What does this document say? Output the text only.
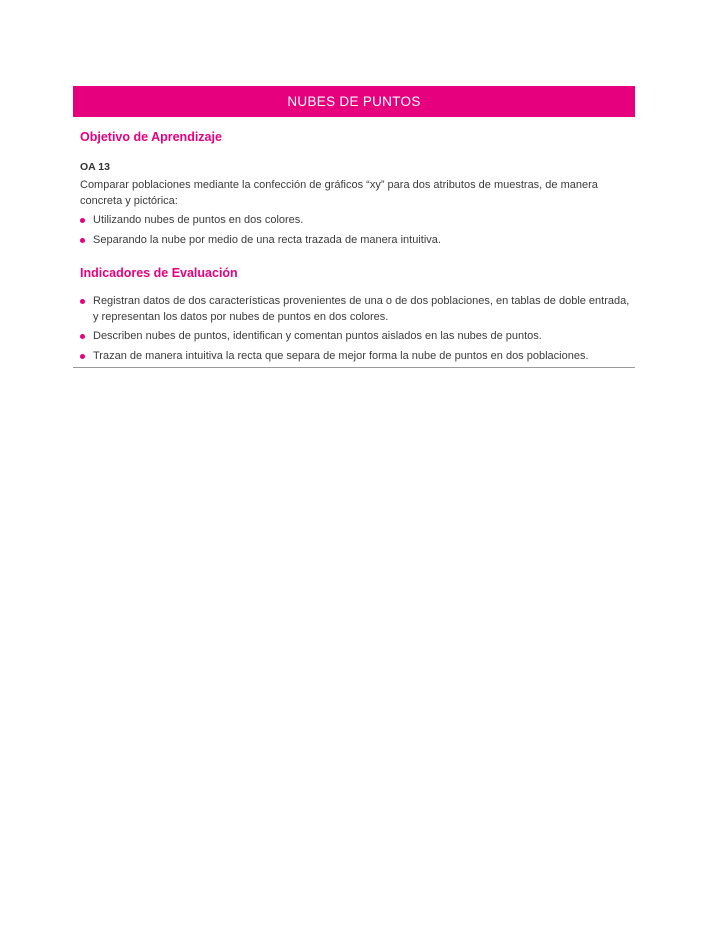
NUBES DE PUNTOS
Objetivo de Aprendizaje
OA 13

Comparar poblaciones mediante la confección de gráficos “xy” para dos atributos de muestras, de manera concreta y pictórica:

Utilizando nubes de puntos en dos colores.
Separando la nube por medio de una recta trazada de manera intuitiva.
Indicadores de Evaluación
Registran datos de dos características provenientes de una o de dos poblaciones, en tablas de doble entrada, y representan los datos por nubes de puntos en dos colores.
Describen nubes de puntos, identifican y comentan puntos aislados en las nubes de puntos.
Trazan de manera intuitiva la recta que separa de mejor forma la nube de puntos en dos poblaciones.
